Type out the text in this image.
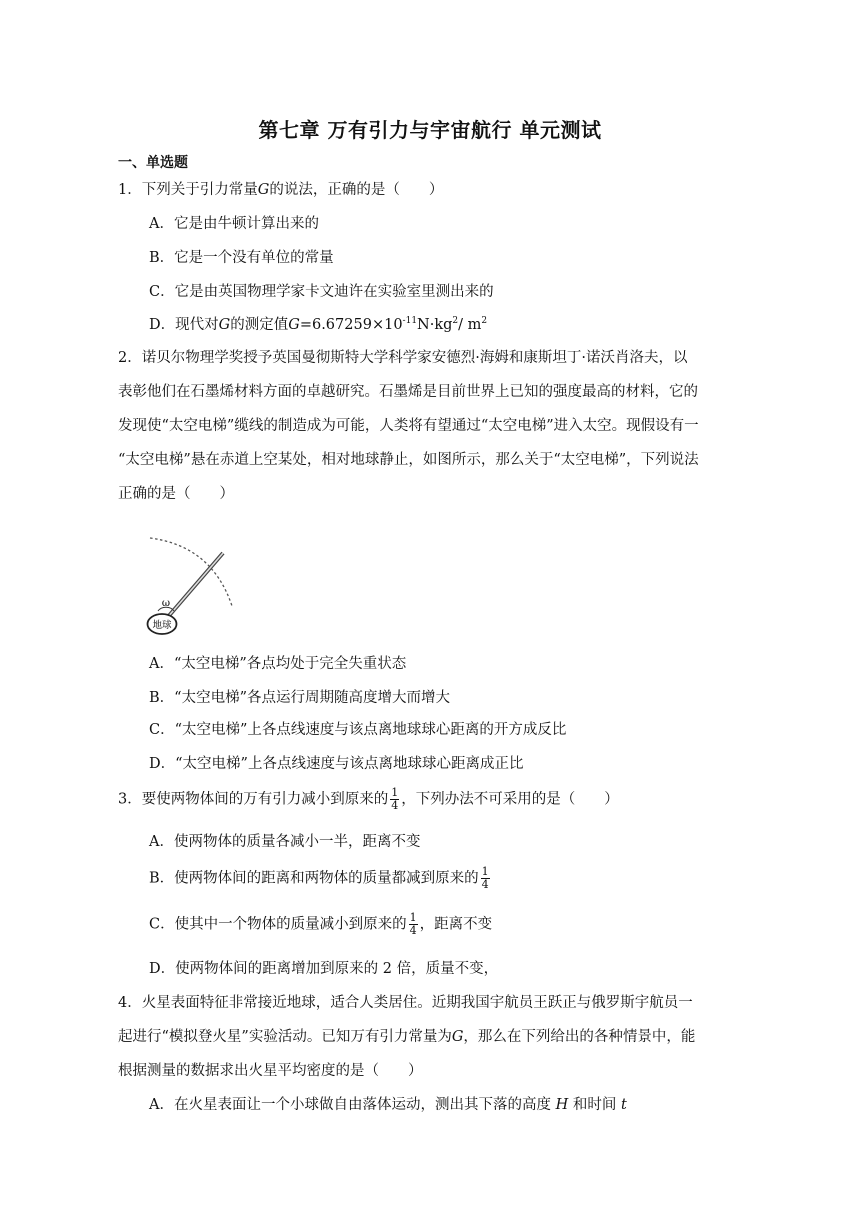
第七章 万有引力与宇宙航行 单元测试
一、单选题
1．下列关于引力常量G的说法，正确的是（　　）
A．它是由牛顿计算出来的
B．它是一个没有单位的常量
C．它是由英国物理学家卡文迪许在实验室里测出来的
D．现代对G的测定值$G=6.67259\times 10^{-11}N\cdot kg^2/$ $m^2$
2．诺贝尔物理学奖授予英国曼彻斯特大学科学家安德烈·海姆和康斯坦丁·诺沃肖洛夫，以
表彰他们在石墨烯材料方面的卓越研究。石墨烯是目前世界上已知的强度最高的材料，它的
发现使“太空电梯”缆线的制造成为可能，人类将有望通过“太空电梯”进入太空。现假设有一
“太空电梯”悬在赤道上空某处，相对地球静止，如图所示，那么关于“太空电梯”，下列说法
正确的是（　　）
ω
地球
A．“太空电梯”各点均处于完全失重状态
B．“太空电梯”各点运行周期随高度增大而增大
C．“太空电梯”上各点线速度与该点离地球球心距离的开方成反比
D．“太空电梯”上各点线速度与该点离地球球心距离成正比
3．要使两物体间的万有引力减小到原来的 $\frac{1}{4}$ ，下列办法不可采用的是（　　）
A．使两物体的质量各减小一半，距离不变
B．使两物体间的距离和两物体的质量都减到原来的 $\frac{1}{4}$
C．使其中一个物体的质量减小到原来的 $\frac{1}{4}$ ，距离不变
D．使两物体间的距离增加到原来的 2 倍，质量不变，
4．火星表面特征非常接近地球，适合人类居住。近期我国宇航员王跃正与俄罗斯宇航员一
起进行“模拟登火星”实验活动。已知万有引力常量为G，那么在下列给出的各种情景中，能
根据测量的数据求出火星平均密度的是（　　）
A．在火星表面让一个小球做自由落体运动，测出其下落的高度 H 和时间 t
